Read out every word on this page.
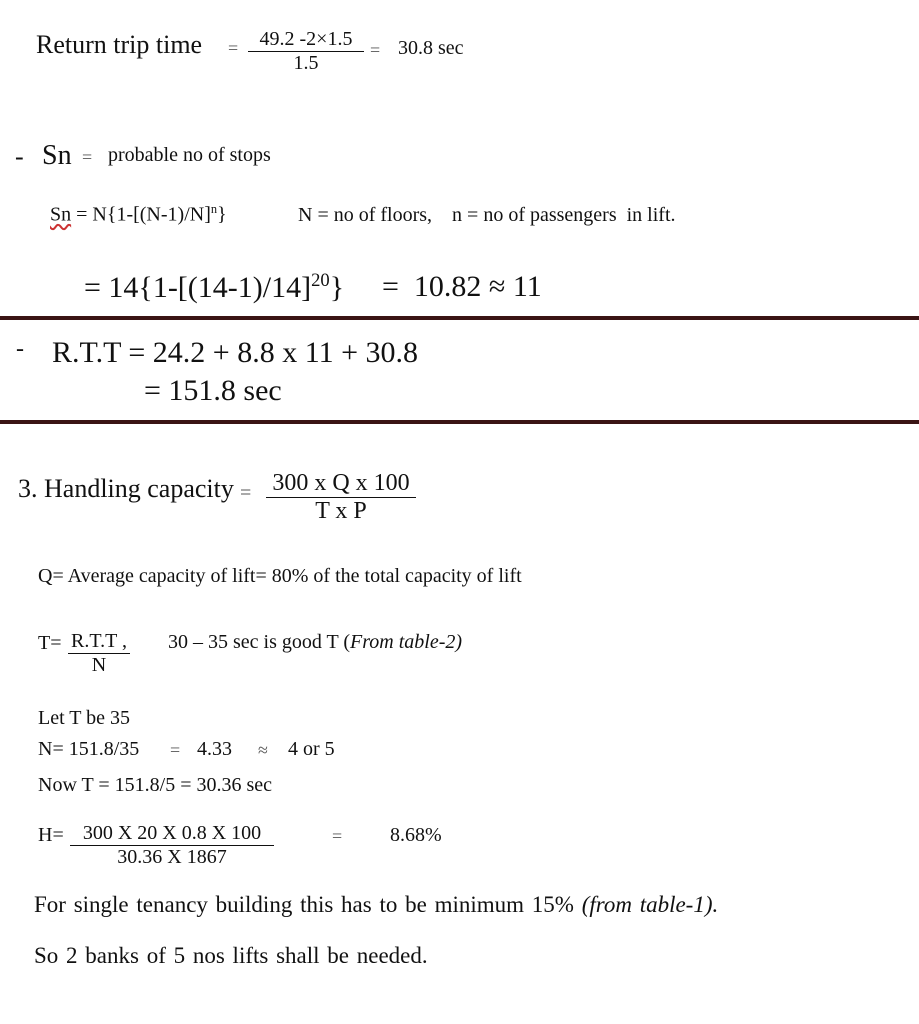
Return trip time = $\frac{49.2 -2\times 1.5}{1.5} = 30.8$ sec
- Sn = probable no of stops
$Sn = N\{1-[(N-1)/N]^n\}$	N = no of floors,    n = no of passengers  in lift.
= $14\{1-[(14-1)/14]^{20}\} = 10.82 \approx 11$
- R.T.T = 24.2 + 8.8 x 11 + 30.8
= 151.8 sec
3. Handling capacity = $\frac{\text{300 x Q x 100}}{\text{T x P}}$
Q= Average capacity of lift= 80% of the total capacity of lift
$T= \frac{R.T.T ,}{N} 30 - 35$ sec is good T (From table-2)
Let T be 35
N= 151.8/35 = 4.33 ≈ 4 or 5
Now T = 151.8/5 = 30.36 sec
$H= \frac{300 X 20 X 0.8 X 100}{30.36 X 1867}$	= 8.68%
For single tenancy building this has to be minimum 15% (from table-1).
So 2 banks of 5 nos lifts shall be needed.
